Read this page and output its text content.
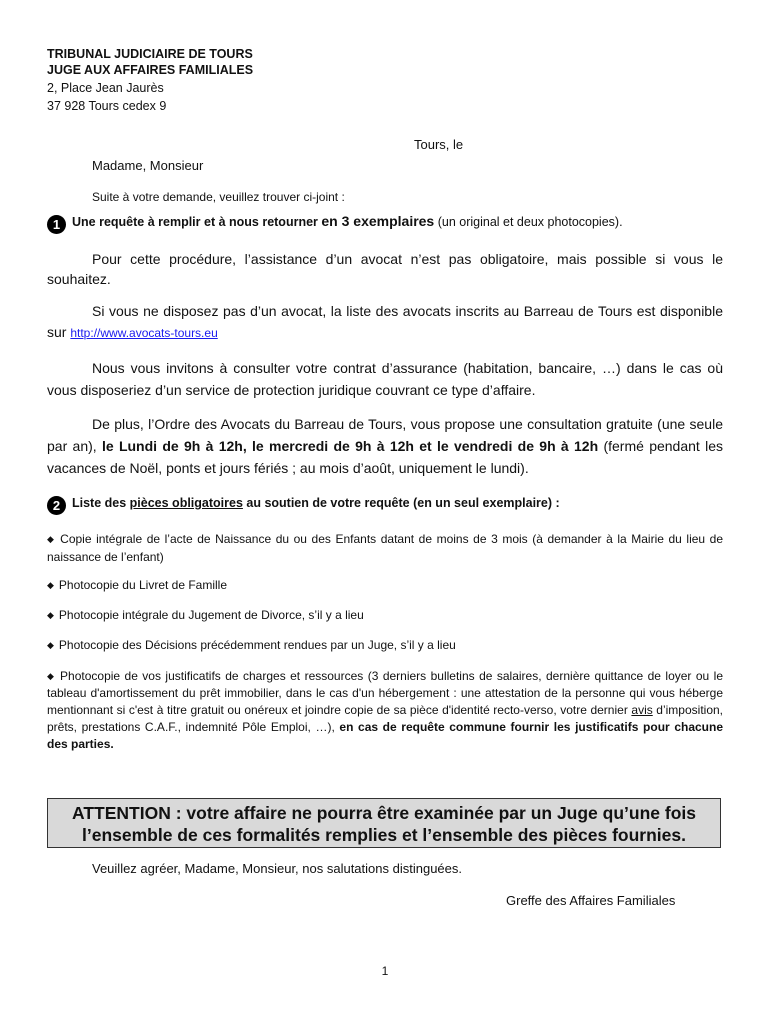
TRIBUNAL JUDICIAIRE DE TOURS
JUGE AUX AFFAIRES FAMILIALES
2, Place Jean Jaurès
37 928 Tours cedex 9
Tours, le
Madame, Monsieur
Suite à votre demande, veuillez trouver ci-joint :
1 Une requête à remplir et à nous retourner en 3 exemplaires (un original et deux photocopies).
Pour cette procédure, l’assistance d’un avocat n’est pas obligatoire, mais possible si vous le souhaitez.
Si vous ne disposez pas d’un avocat, la liste des avocats inscrits au Barreau de Tours est disponible sur http://www.avocats-tours.eu
Nous vous invitons à consulter votre contrat d’assurance (habitation, bancaire, …) dans le cas où vous disposeriez d’un service de protection juridique couvrant ce type d’affaire.
De plus, l’Ordre des Avocats du Barreau de Tours, vous propose une consultation gratuite (une seule par an), le Lundi de 9h à 12h, le mercredi de 9h à 12h et le vendredi de 9h à 12h (fermé pendant les vacances de Noël, ponts et jours fériés ; au mois d’août, uniquement le lundi).
2 Liste des pièces obligatoires au soutien de votre requête (en un seul exemplaire) :
◆ Copie intégrale de l’acte de Naissance du ou des Enfants datant de moins de 3 mois (à demander à la Mairie du lieu de naissance de l’enfant)
◆ Photocopie du Livret de Famille
◆ Photocopie intégrale du Jugement de Divorce, s’il y a lieu
◆ Photocopie des Décisions précédemment rendues par un Juge, s’il y a lieu
◆ Photocopie de vos justificatifs de charges et ressources (3 derniers bulletins de salaires, dernière quittance de loyer ou le tableau d'amortissement du prêt immobilier, dans le cas d'un hébergement : une attestation de la personne qui vous héberge mentionnant si c'est à titre gratuit ou onéreux et joindre copie de sa pièce d'identité recto-verso, votre dernier avis d’imposition, prêts, prestations C.A.F., indemnité Pôle Emploi, …), en cas de requête commune fournir les justificatifs pour chacune des parties.
ATTENTION : votre affaire ne pourra être examinée par un Juge qu’une fois
l’ensemble de ces formalités remplies et l’ensemble des pièces fournies.
Veuillez agréer, Madame, Monsieur, nos salutations distinguées.
Greffe des Affaires Familiales
1
